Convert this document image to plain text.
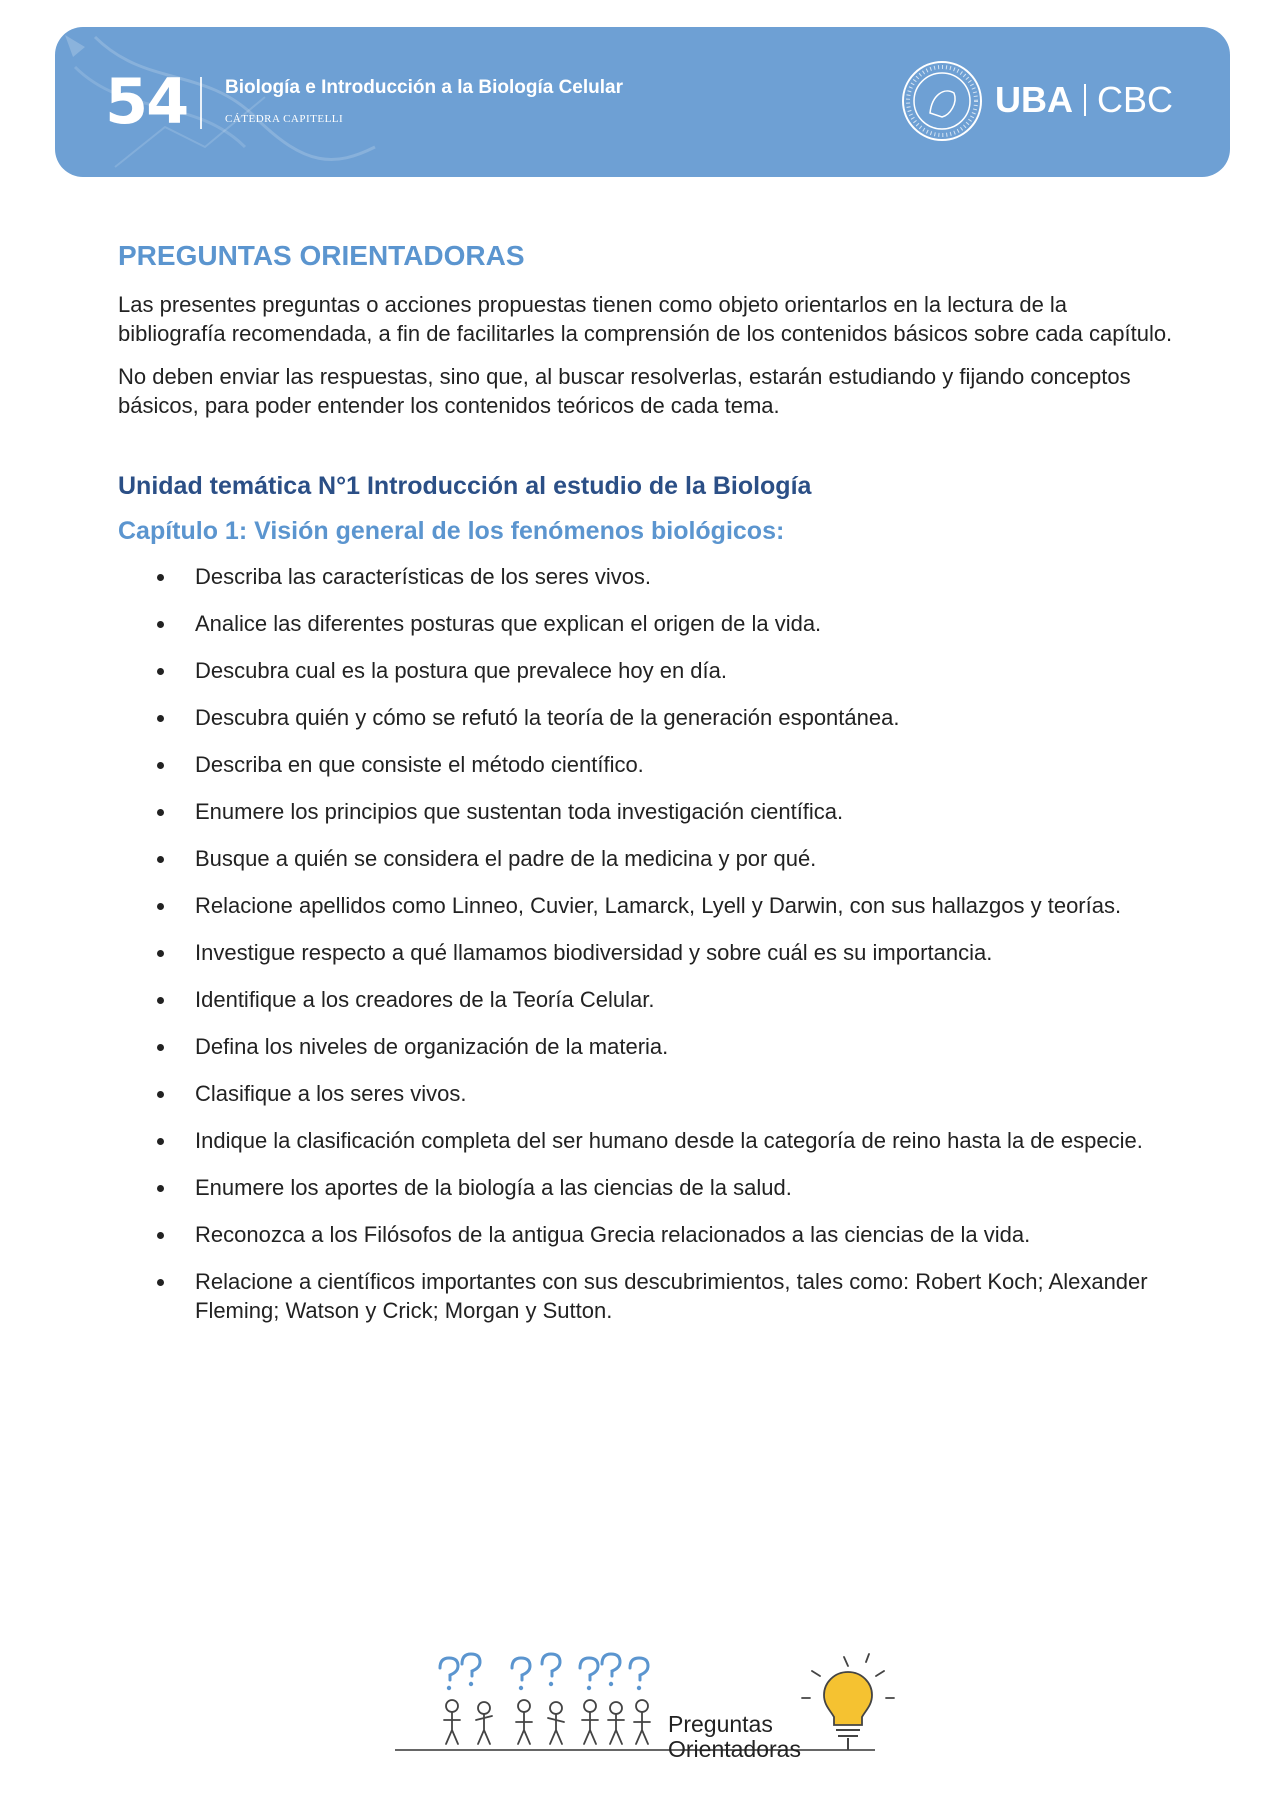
54 Biología e Introducción a la Biología Celular
CÁTEDRA CAPITELLI	UBA CBC
PREGUNTAS ORIENTADORAS

Las presentes preguntas o acciones propuestas tienen como objeto orientarlos en la lectura de la bibliografía recomendada, a fin de facilitarles la comprensión de los contenidos básicos sobre cada capítulo.

No deben enviar las respuestas, sino que, al buscar resolverlas, estarán estudiando y fijando conceptos básicos, para poder entender los contenidos teóricos de cada tema.

Unidad temática N°1 Introducción al estudio de la Biología
Capítulo 1: Visión general de los fenómenos biológicos:
Describa las características de los seres vivos.
Analice las diferentes posturas que explican el origen de la vida.
Descubra cual es la postura que prevalece hoy en día.
Descubra quién y cómo se refutó la teoría de la generación espontánea.
Describa en que consiste el método científico.
Enumere los principios que sustentan toda investigación científica.
Busque a quién se considera el padre de la medicina y por qué.
Relacione apellidos como Linneo, Cuvier, Lamarck, Lyell y Darwin, con sus hallazgos y teorías.
Investigue respecto a qué llamamos biodiversidad y sobre cuál es su importancia.
Identifique a los creadores de la Teoría Celular.
Defina los niveles de organización de la materia.
Clasifique a los seres vivos.
Indique la clasificación completa del ser humano desde la categoría de reino hasta la de especie.
Enumere los aportes de la biología a las ciencias de la salud.
Reconozca a los Filósofos de la antigua Grecia relacionados a las ciencias de la vida.
Relacione a científicos importantes con sus descubrimientos, tales como: Robert Koch; Alexander Fleming; Watson y Crick; Morgan y Sutton.
Preguntas
Orientadoras
